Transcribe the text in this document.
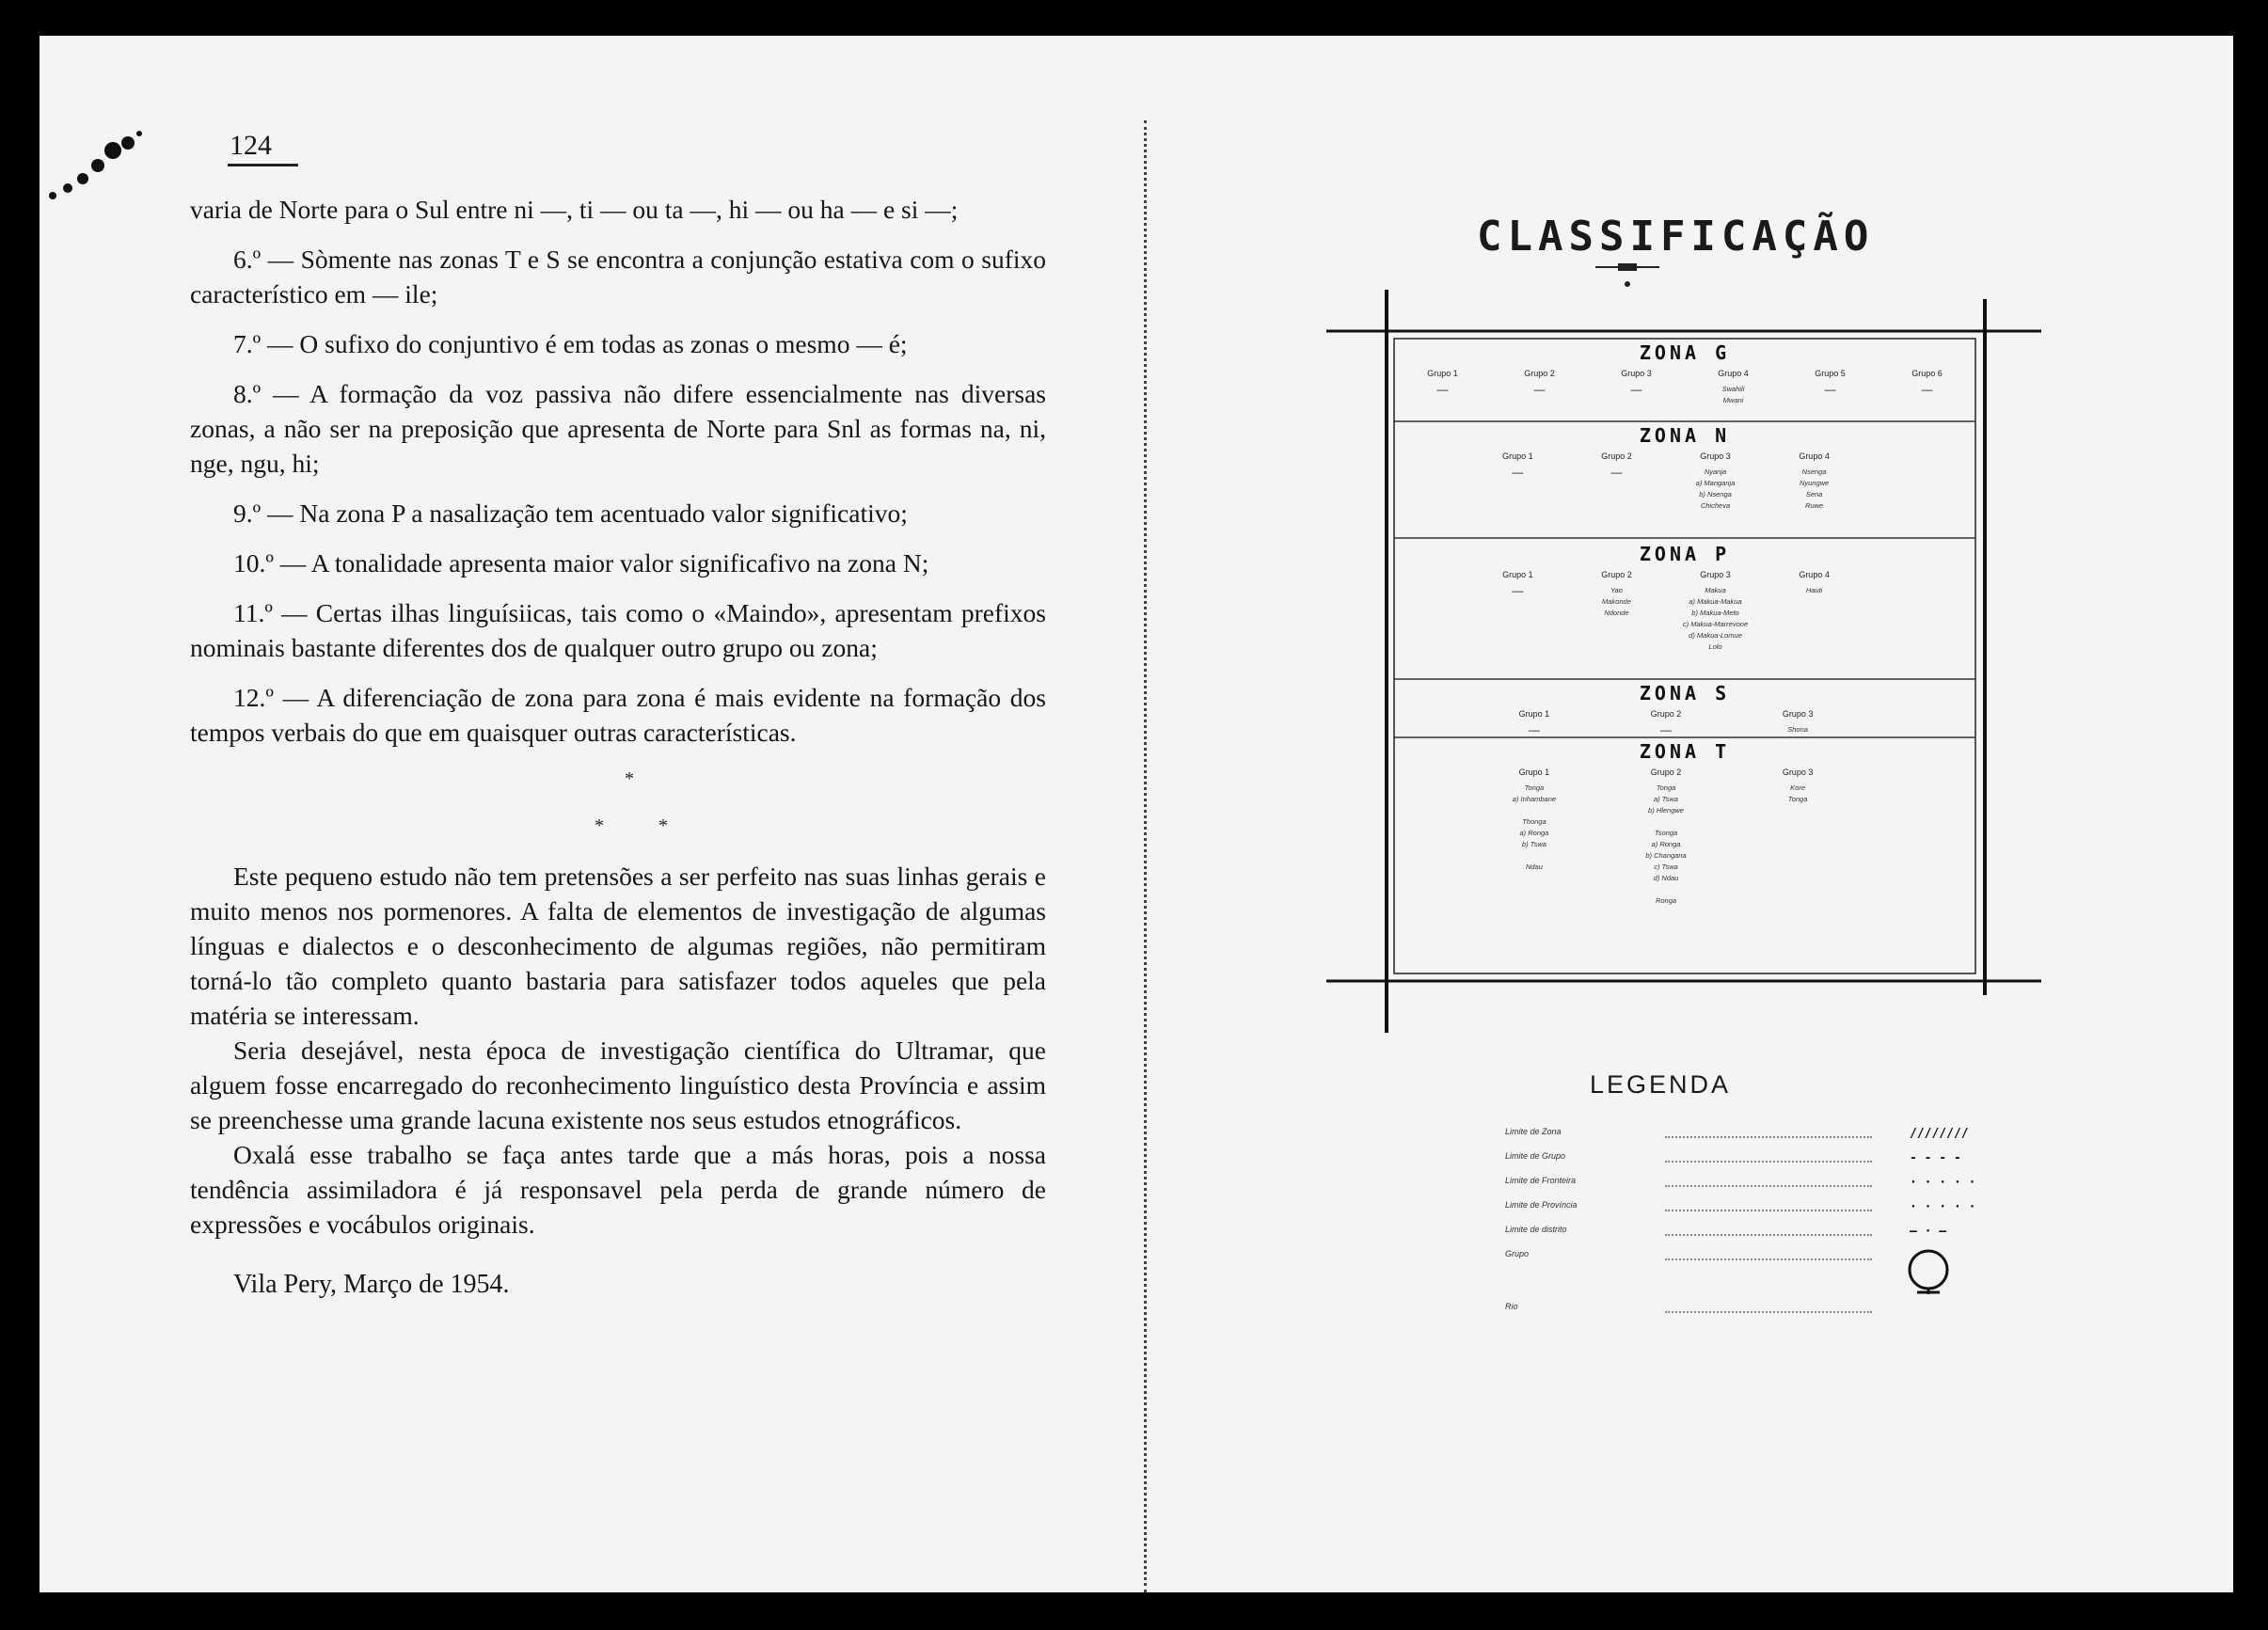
124

varia de Norte para o Sul entre ni —, ti — ou ta —, hi — ou ha — e si —;

6.º — Sòmente nas zonas T e S se encontra a conjunção estativa com o sufixo característico em — ile;

7.º — O sufixo do conjuntivo é em todas as zonas o mesmo — é;

8.º — A formação da voz passiva não difere essencialmente nas diversas zonas, a não ser na preposição que apresenta de Norte para Snl as formas na, ni, nge, ngu, hi;

9.º — Na zona P a nasalização tem acentuado valor significativo;

10.º — A tonalidade apresenta maior valor significafivo na zona N;

11.º — Certas ilhas linguísiicas, tais como o «Maindo», apresentam prefixos nominais bastante diferentes dos de qualquer outro grupo ou zona;

12.º — A diferenciação de zona para zona é mais evidente na formação dos tempos verbais do que em quaisquer outras características.

*
*	*

Este pequeno estudo não tem pretensões a ser perfeito nas suas linhas gerais e muito menos nos pormenores. A falta de elementos de investigação de algumas línguas e dialectos e o desconhecimento de algumas regiões, não permitiram torná-lo tão completo quanto bastaria para satisfazer todos aqueles que pela matéria se interessam.

Seria desejável, nesta época de investigação científica do Ultramar, que alguem fosse encarregado do reconhecimento linguístico desta Província e assim se preenchesse uma grande lacuna existente nos seus estudos etnográficos.

Oxalá esse trabalho se faça antes tarde que a más horas, pois a nossa tendência assimiladora é já responsavel pela perda de grande número de expressões e vocábulos originais.

Vila Pery, Março de 1954.
CLASSIFICAÇÃO
ZONA G
Grupo 1
—
Grupo 2
—
Grupo 3
—
Grupo 4
Swahili
Mwani
Grupo 5
—
Grupo 6
—
ZONA N
Grupo 1
—
Grupo 2
—
Grupo 3
Nyanja
a) Manganja
b) Nsenga
Chicheva
Grupo 4
Nsenga
Nyungwe
Sena
Ruwe
ZONA P
Grupo 1
—
Grupo 2
Yao
Makonde
Ndonde
Grupo 3
Makua
a) Makua-Makua
b) Makua-Meto
c) Makua-Marrevone
d) Makua-Lomue
Lolo
Grupo 4
Hauti
ZONA S
Grupo 1
—
Grupo 2
—
Grupo 3
Shona
ZONA T
Grupo 1
Tonga
a) Inhambane
Thonga
a) Ronga
b) Tswa
Ndau
Grupo 2
Tonga
a) Tswa
b) Hlengwe
Tsonga
a) Ronga
b) Changana
c) Tswa
d) Ndau
Ronga
Grupo 3
Kore
Tonga
LEGENDA
Limite de Zona	////////
Limite de Grupo	- - - -
Limite de Fronteira	· · · · ·
Limite de Província	· · · · ·
Limite de distrito	— · —
Grupo
Rio
